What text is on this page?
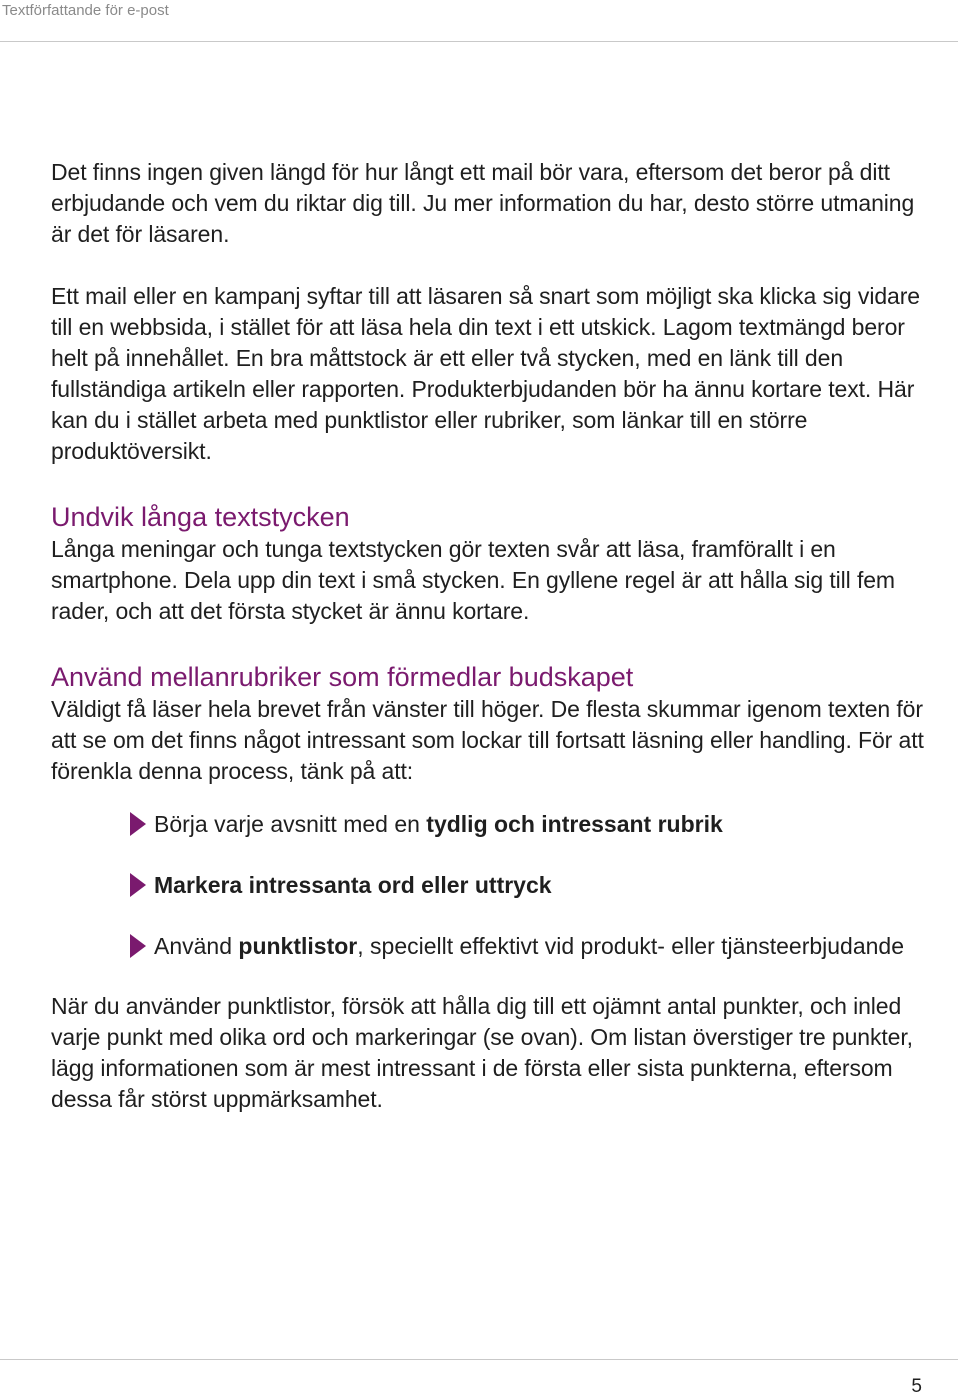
Textförfattande för e-post

Det finns ingen given längd för hur långt ett mail bör vara, eftersom det beror på ditt erbjudande och vem du riktar dig till. Ju mer information du har, desto större utmaning är det för läsaren.

Ett mail eller en kampanj syftar till att läsaren så snart som möjligt ska klicka sig vidare till en webbsida, i stället för att läsa hela din text i ett utskick. Lagom textmängd beror helt på innehållet. En bra måttstock är ett eller två stycken, med en länk till den fullständiga artikeln eller rapporten. Produkterbjudanden bör ha ännu kortare text. Här kan du i stället arbeta med punktlistor eller rubriker, som länkar till en större produktöversikt.

Undvik långa textstycken

Långa meningar och tunga textstycken gör texten svår att läsa, framförallt i en smartphone. Dela upp din text i små stycken. En gyllene regel är att hålla sig till fem rader, och att det första stycket är ännu kortare.

Använd mellanrubriker som förmedlar budskapet

Väldigt få läser hela brevet från vänster till höger. De flesta skummar igenom texten för att se om det finns något intressant som lockar till fortsatt läsning eller handling. För att förenkla denna process, tänk på att:

Börja varje avsnitt med en tydlig och intressant rubrik
Markera intressanta ord eller uttryck
Använd punktlistor, speciellt effektivt vid produkt- eller tjänsteerbjudande

När du använder punktlistor, försök att hålla dig till ett ojämnt antal punkter, och inled varje punkt med olika ord och markeringar (se ovan). Om listan överstiger tre punkter, lägg informationen som är mest intressant i de första eller sista punkterna, eftersom dessa får störst uppmärksamhet.

5
